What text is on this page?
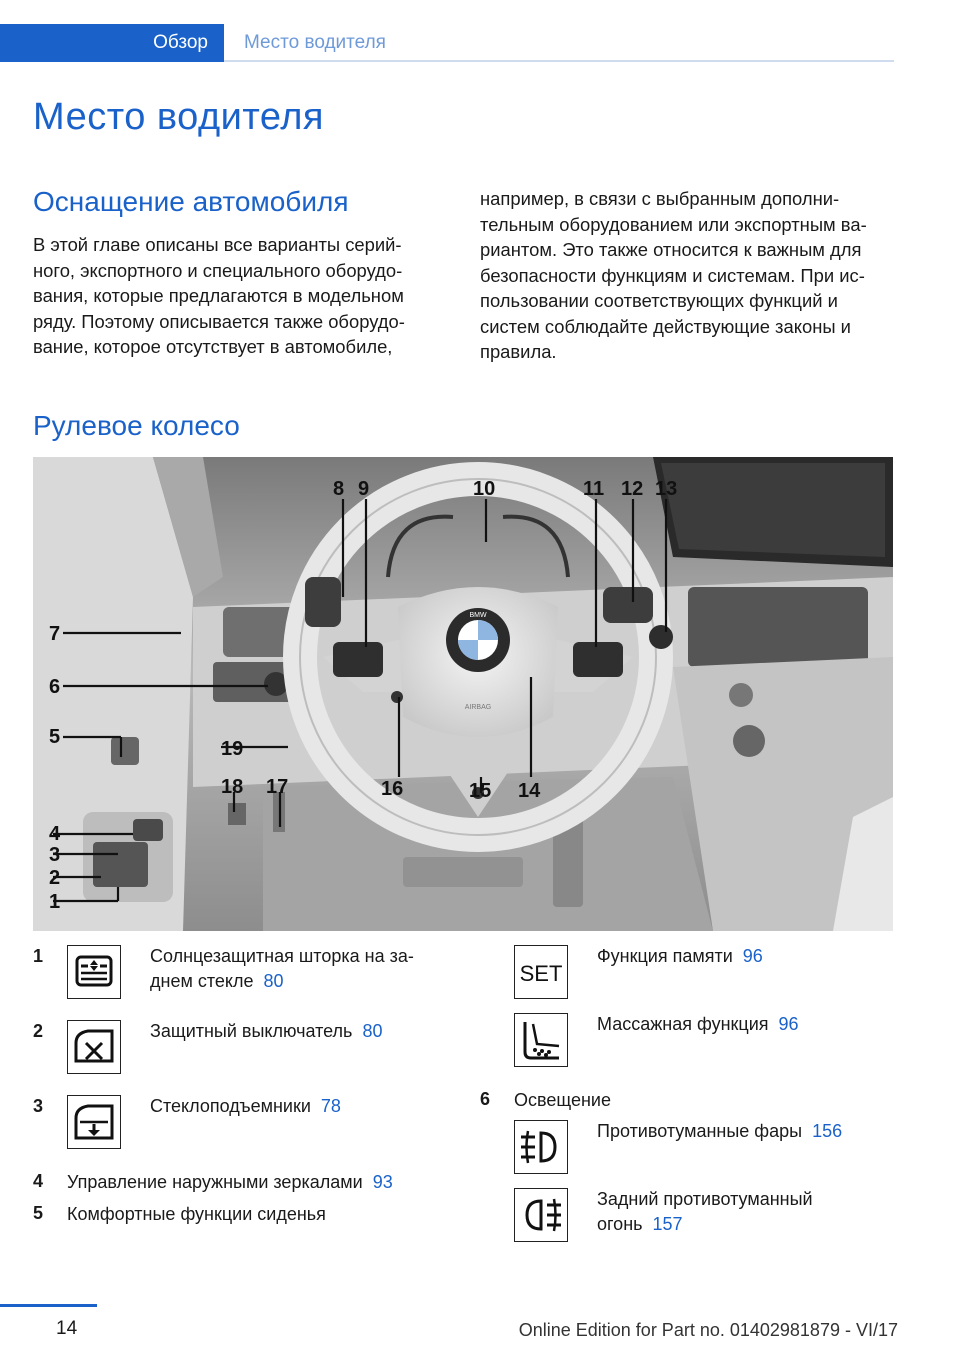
Обзор Место водителя
Место водителя
Оснащение автомобиля
В этой главе описаны все варианты серий-
ного, экспортного и специального оборудо-
вания, которые предлагаются в модельном
ряду. Поэтому описывается также оборудо-
вание, которое отсутствует в автомобиле,
например, в связи с выбранным дополни-
тельным оборудованием или экспортным ва-
риантом. Это также относится к важным для
безопасности функциям и системам. При ис-
пользовании соответствующих функций и
систем соблюдайте действующие законы и
правила.
Рулевое колесо
BMW
AIRBAG
8 9	10	11 12 13
7
6
5
19
16	15 14
18 17
4
3
2
1
1	Солнцезащитная шторка на за-
днем стекле 80
2	Защитный выключатель 80
3	Стеклоподъемники 78
4 Управление наружными зеркалами 93
5 Комфортные функции сиденья
SET
Функция памяти 96
Массажная функция 96
6 Освещение
Противотуманные фары 156
Задний противотуманный
огонь 157
14	Online Edition for Part no. 01402981879 - VI/17
